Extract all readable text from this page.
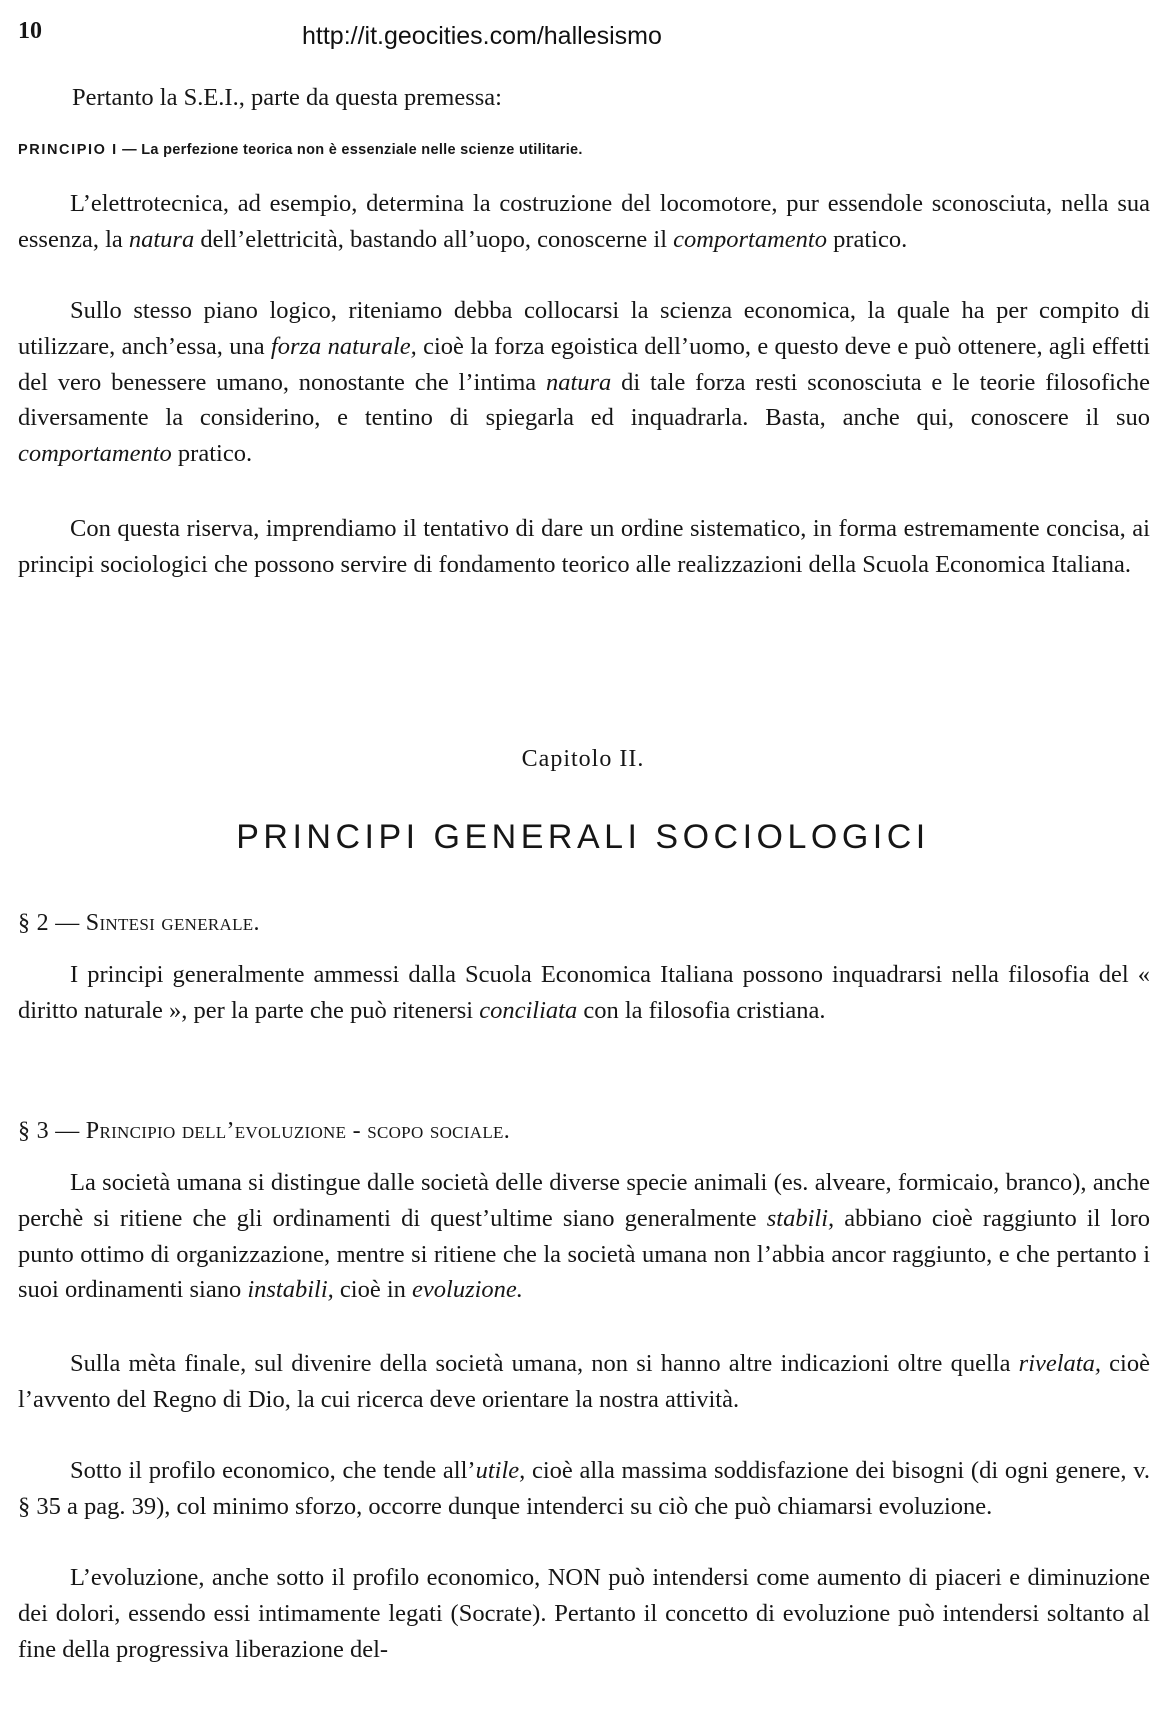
10	http://it.geocities.com/hallesismo

Pertanto la S.E.I., parte da questa premessa:

PRINCIPIO I — La perfezione teorica non è essenziale nelle scienze utilitarie.

L’elettrotecnica, ad esempio, determina la costruzione del locomotore, pur essendole sconosciuta, nella sua essenza, la natura dell’elettricità, bastando all’uopo, conoscerne il comportamento pratico.

Sullo stesso piano logico, riteniamo debba collocarsi la scienza economica, la quale ha per compito di utilizzare, anch’essa, una forza naturale, cioè la forza egoistica dell’uomo, e questo deve e può ottenere, agli effetti del vero benessere umano, nonostante che l’intima natura di tale forza resti sconosciuta e le teorie filosofiche diversamente la considerino, e tentino di spiegarla ed inquadrarla. Basta, anche qui, conoscere il suo comportamento pratico.

Con questa riserva, imprendiamo il tentativo di dare un ordine sistematico, in forma estremamente concisa, ai principi sociologici che possono servire di fondamento teorico alle realizzazioni della Scuola Economica Italiana.

Capitolo II.

PRINCIPI GENERALI SOCIOLOGICI

§ 2 — Sintesi generale.

I principi generalmente ammessi dalla Scuola Economica Italiana possono inquadrarsi nella filosofia del « diritto naturale », per la parte che può ritenersi conciliata con la filosofia cristiana.

§ 3 — Principio dell’evoluzione - scopo sociale.

La società umana si distingue dalle società delle diverse specie animali (es. alveare, formicaio, branco), anche perchè si ritiene che gli ordinamenti di quest’ultime siano generalmente stabili, abbiano cioè raggiunto il loro punto ottimo di organizzazione, mentre si ritiene che la società umana non l’abbia ancor raggiunto, e che pertanto i suoi ordinamenti siano instabili, cioè in evoluzione.

Sulla mèta finale, sul divenire della società umana, non si hanno altre indicazioni oltre quella rivelata, cioè l’avvento del Regno di Dio, la cui ricerca deve orientare la nostra attività.

Sotto il profilo economico, che tende all’utile, cioè alla massima soddisfazione dei bisogni (di ogni genere, v. § 35 a pag. 39), col minimo sforzo, occorre dunque intenderci su ciò che può chiamarsi evoluzione.

L’evoluzione, anche sotto il profilo economico, NON può intendersi come aumento di piaceri e diminuzione dei dolori, essendo essi intimamente legati (Socrate). Pertanto il concetto di evoluzione può intendersi soltanto al fine della progressiva liberazione del-
